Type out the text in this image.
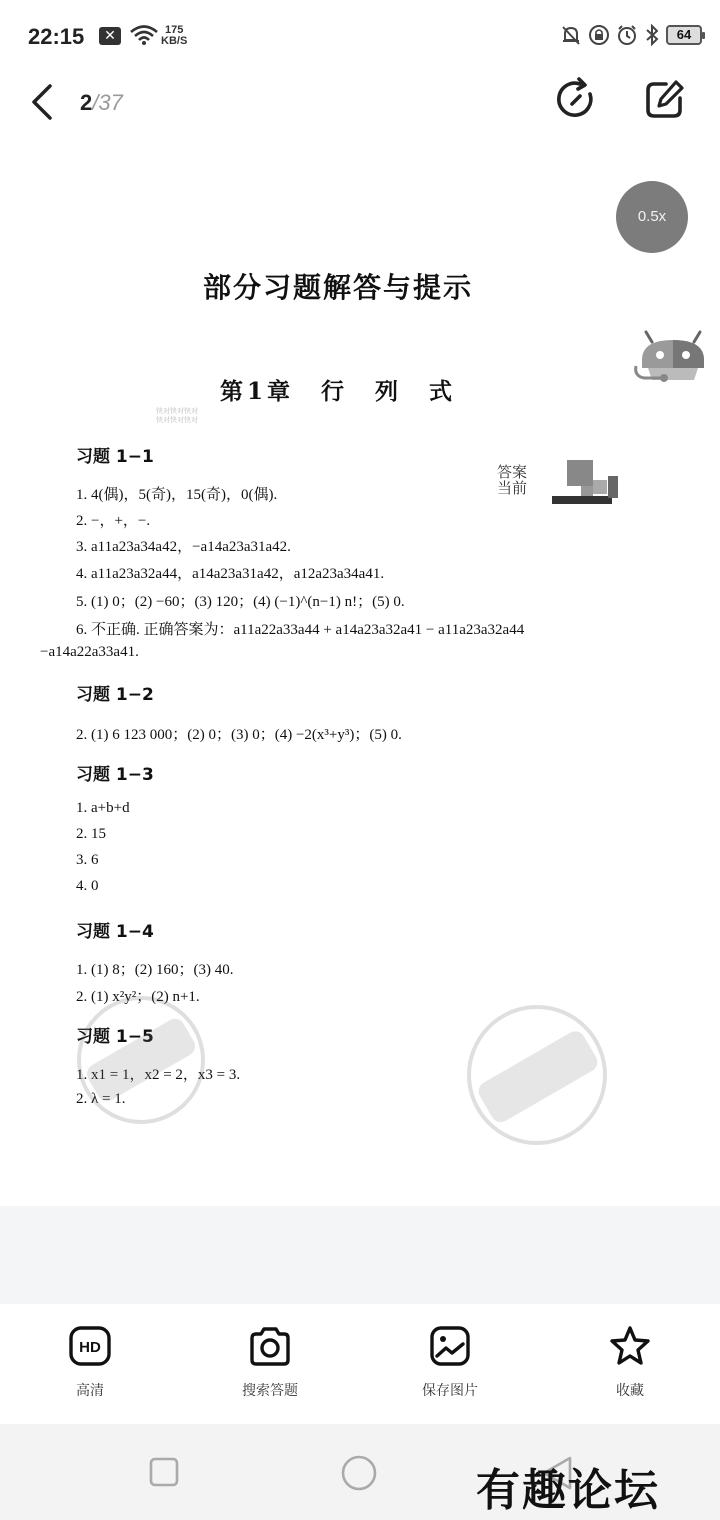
22:15	✕	175
KB/S	64
2/37
0.5x
部分习题解答与提示
第1章　行　列　式
快对快对快对
快对快对快对
习题 1−1
1. 4(偶)，5(奇)，15(奇)，0(偶).
2. −，+，−.
3. a11a23a34a42，−a14a23a31a42.
4. a11a23a32a44，a14a23a31a42，a12a23a34a41.
5. (1) 0；(2) −60；(3) 120；(4) (−1)^(n−1) n!；(5) 0.
6. 不正确. 正确答案为：a11a22a33a44 + a14a23a32a41 − a11a23a32a44
−a14a22a33a41.
答案
当前
习题 1−2
2. (1) 6 123 000；(2) 0；(3) 0；(4) −2(x³+y³)；(5) 0.
习题 1−3
1. a+b+d
2. 15
3. 6
4. 0
习题 1−4
1. (1) 8；(2) 160；(3) 40.
2. (1) x²y²；(2) n+1.
习题 1−5
1. x1 = 1，x2 = 2，x3 = 3.
2. λ = 1.
HD
高清	搜索答题	保存图片	收藏
有趣论坛
